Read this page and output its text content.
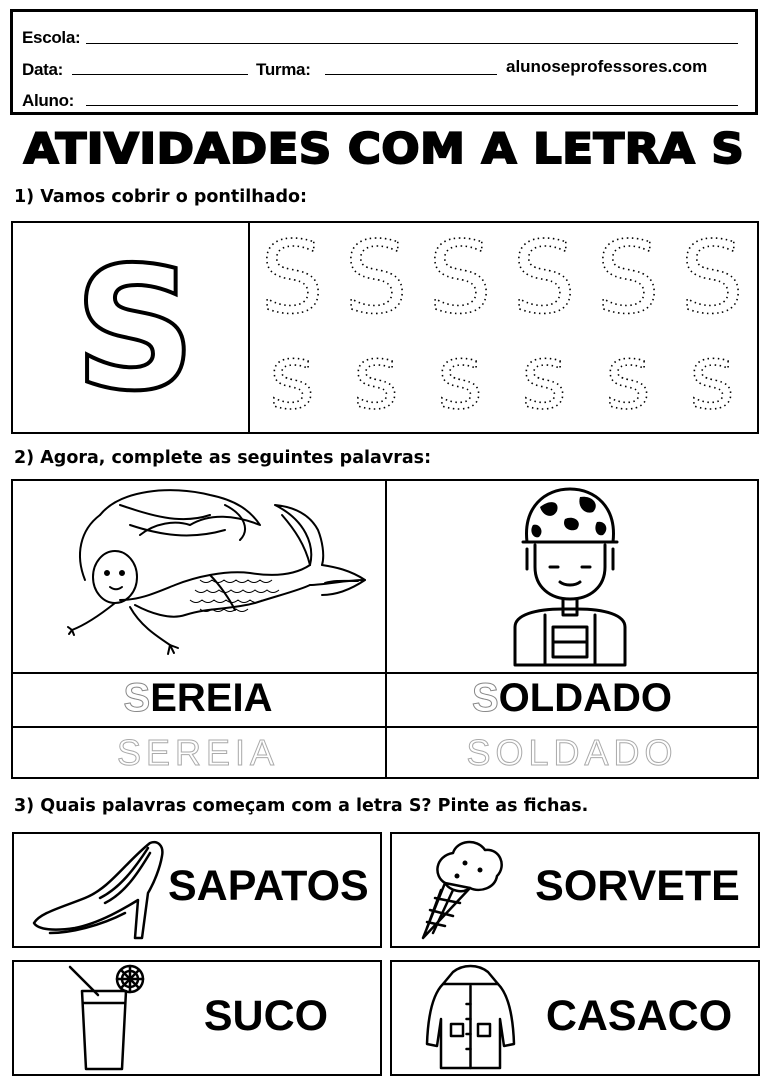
Escola:
Data:	Turma:	alunoseprofessores.com
Aluno:
ATIVIDADES COM A LETRA S
1) Vamos cobrir o pontilhado:
S S S S S S S
s s s s s s
2) Agora, complete as seguintes palavras:
SEREIA	SOLDADO
SEREIA	SOLDADO
3) Quais palavras começam com a letra S? Pinte as fichas.
SAPATOS	SORVETE
SUCO	CASACO
